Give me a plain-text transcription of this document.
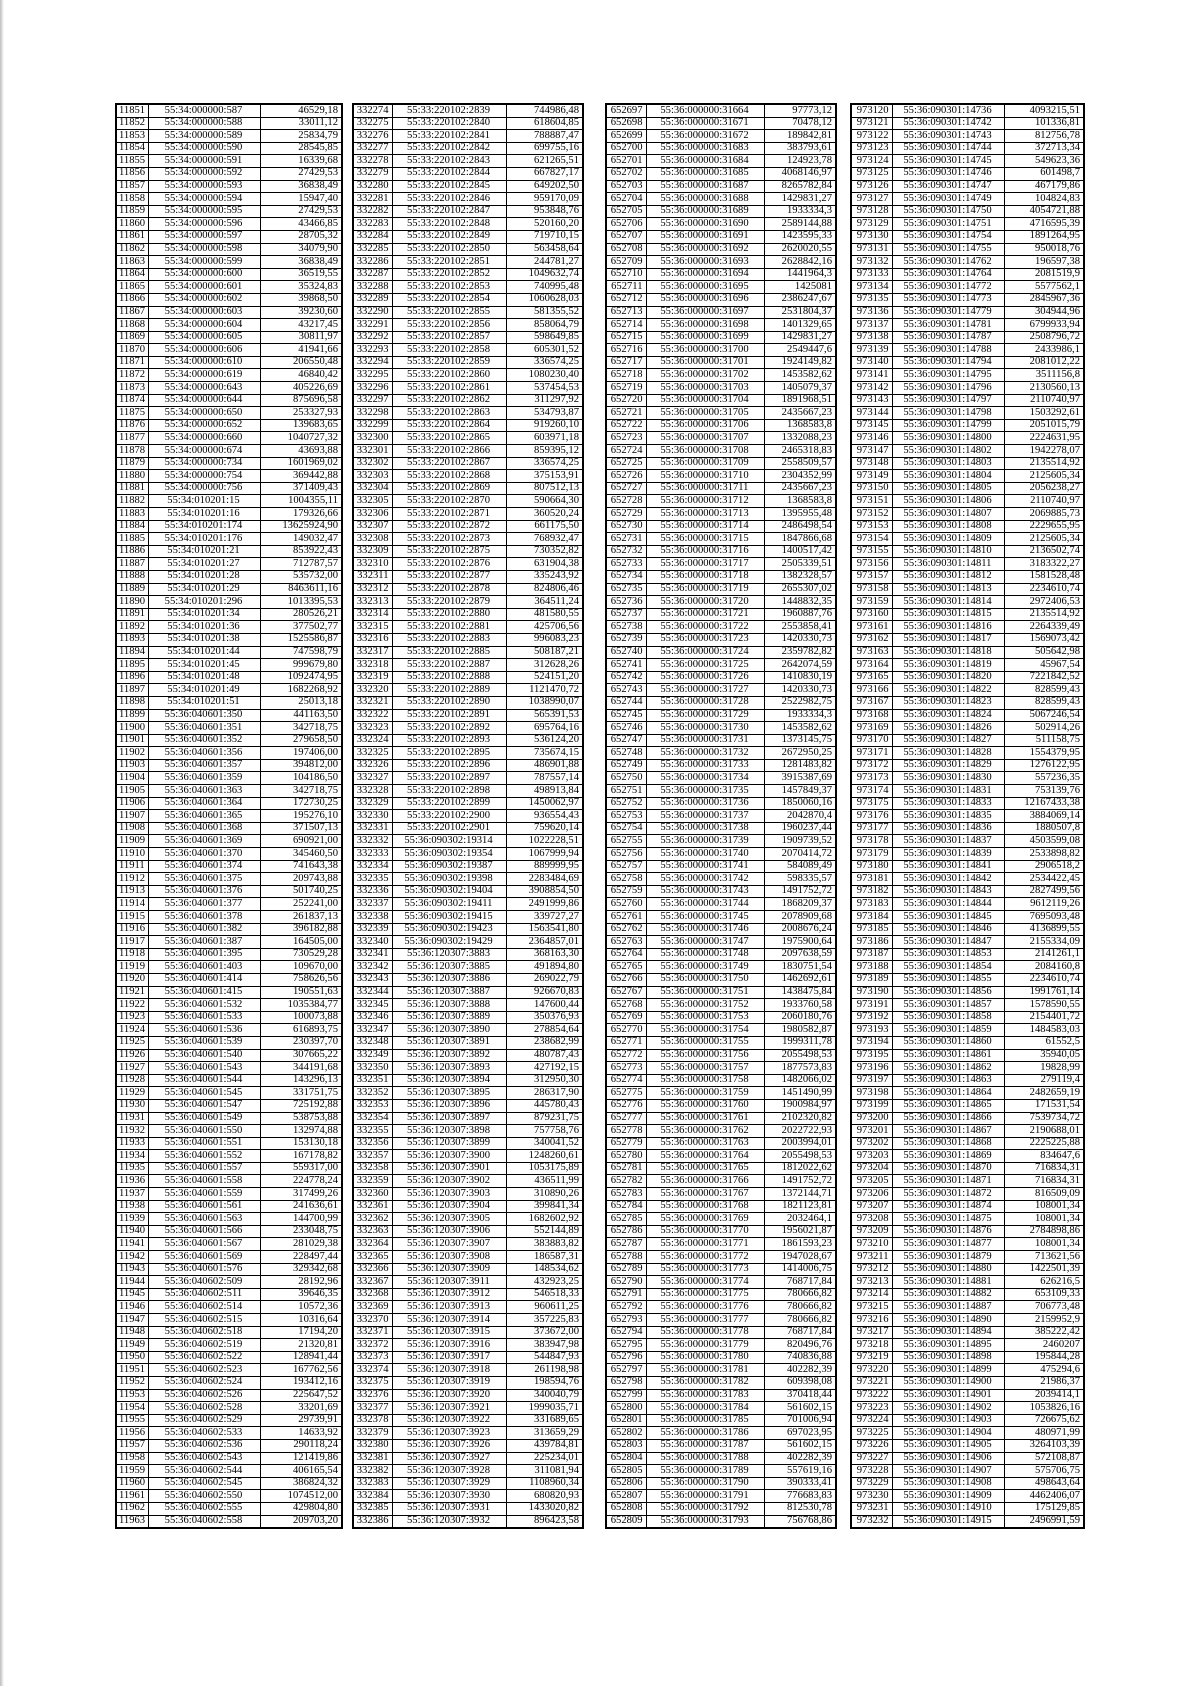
11851	55:34:000000:587	46529,18
11852	55:34:000000:588	33011,12
11853	55:34:000000:589	25834,79
11854	55:34:000000:590	28545,85
11855	55:34:000000:591	16339,68
11856	55:34:000000:592	27429,53
11857	55:34:000000:593	36838,49
11858	55:34:000000:594	15947,40
11859	55:34:000000:595	27429,53
11860	55:34:000000:596	43466,85
11861	55:34:000000:597	28705,32
11862	55:34:000000:598	34079,90
11863	55:34:000000:599	36838,49
11864	55:34:000000:600	36519,55
11865	55:34:000000:601	35324,83
11866	55:34:000000:602	39868,50
11867	55:34:000000:603	39230,60
11868	55:34:000000:604	43217,45
11869	55:34:000000:605	30811,97
11870	55:34:000000:606	41941,66
11871	55:34:000000:610	206550,48
11872	55:34:000000:619	46840,42
11873	55:34:000000:643	405226,69
11874	55:34:000000:644	875696,58
11875	55:34:000000:650	253327,93
11876	55:34:000000:652	139683,65
11877	55:34:000000:660	1040727,32
11878	55:34:000000:674	43693,88
11879	55:34:000000:734	1601969,02
11880	55:34:000000:754	369442,88
11881	55:34:000000:756	371409,43
11882	55:34:010201:15	1004355,11
11883	55:34:010201:16	179326,66
11884	55:34:010201:174	13625924,90
11885	55:34:010201:176	149032,47
11886	55:34:010201:21	853922,43
11887	55:34:010201:27	712787,57
11888	55:34:010201:28	535732,00
11889	55:34:010201:29	8463611,16
11890	55:34:010201:296	1013395,53
11891	55:34:010201:34	280526,21
11892	55:34:010201:36	377502,77
11893	55:34:010201:38	1525586,87
11894	55:34:010201:44	747598,79
11895	55:34:010201:45	999679,80
11896	55:34:010201:48	1092474,95
11897	55:34:010201:49	1682268,92
11898	55:34:010201:51	25013,18
11899	55:36:040601:350	441163,50
11900	55:36:040601:351	342718,75
11901	55:36:040601:352	279658,50
11902	55:36:040601:356	197406,00
11903	55:36:040601:357	394812,00
11904	55:36:040601:359	104186,50
11905	55:36:040601:363	342718,75
11906	55:36:040601:364	172730,25
11907	55:36:040601:365	195276,10
11908	55:36:040601:368	371507,13
11909	55:36:040601:369	690921,00
11910	55:36:040601:370	345460,50
11911	55:36:040601:374	741643,38
11912	55:36:040601:375	209743,88
11913	55:36:040601:376	501740,25
11914	55:36:040601:377	252241,00
11915	55:36:040601:378	261837,13
11916	55:36:040601:382	396182,88
11917	55:36:040601:387	164505,00
11918	55:36:040601:395	730529,28
11919	55:36:040601:403	109670,00
11920	55:36:040601:414	758626,56
11921	55:36:040601:415	190551,63
11922	55:36:040601:532	1035384,77
11923	55:36:040601:533	100073,88
11924	55:36:040601:536	616893,75
11925	55:36:040601:539	230397,70
11926	55:36:040601:540	307665,22
11927	55:36:040601:543	344191,68
11928	55:36:040601:544	143296,13
11929	55:36:040601:545	331751,75
11930	55:36:040601:547	725192,88
11931	55:36:040601:549	538753,88
11932	55:36:040601:550	132974,88
11933	55:36:040601:551	153130,18
11934	55:36:040601:552	167178,82
11935	55:36:040601:557	559317,00
11936	55:36:040601:558	224778,24
11937	55:36:040601:559	317499,26
11938	55:36:040601:561	241636,61
11939	55:36:040601:563	144700,99
11940	55:36:040601:566	233048,75
11941	55:36:040601:567	281029,38
11942	55:36:040601:569	228497,44
11943	55:36:040601:576	329342,68
11944	55:36:040602:509	28192,96
11945	55:36:040602:511	39646,35
11946	55:36:040602:514	10572,36
11947	55:36:040602:515	10316,64
11948	55:36:040602:518	17194,20
11949	55:36:040602:519	21320,81
11950	55:36:040602:522	128941,44
11951	55:36:040602:523	167762,56
11952	55:36:040602:524	193412,16
11953	55:36:040602:526	225647,52
11954	55:36:040602:528	33201,69
11955	55:36:040602:529	29739,91
11956	55:36:040602:533	14633,92
11957	55:36:040602:536	290118,24
11958	55:36:040602:543	121419,86
11959	55:36:040602:544	406165,54
11960	55:36:040602:545	386824,32
11961	55:36:040602:550	1074512,00
11962	55:36:040602:555	429804,80
11963	55:36:040602:558	209703,20
332274	55:33:220102:2839	744986,48
332275	55:33:220102:2840	618604,85
332276	55:33:220102:2841	788887,47
332277	55:33:220102:2842	699755,16
332278	55:33:220102:2843	621265,51
332279	55:33:220102:2844	667827,17
332280	55:33:220102:2845	649202,50
332281	55:33:220102:2846	959170,09
332282	55:33:220102:2847	953848,76
332283	55:33:220102:2848	520160,20
332284	55:33:220102:2849	719710,15
332285	55:33:220102:2850	563458,64
332286	55:33:220102:2851	244781,27
332287	55:33:220102:2852	1049632,74
332288	55:33:220102:2853	740995,48
332289	55:33:220102:2854	1060628,03
332290	55:33:220102:2855	581355,52
332291	55:33:220102:2856	858064,79
332292	55:33:220102:2857	598649,85
332293	55:33:220102:2858	605301,52
332294	55:33:220102:2859	336574,25
332295	55:33:220102:2860	1080230,40
332296	55:33:220102:2861	537454,53
332297	55:33:220102:2862	311297,92
332298	55:33:220102:2863	534793,87
332299	55:33:220102:2864	919260,10
332300	55:33:220102:2865	603971,18
332301	55:33:220102:2866	859395,12
332302	55:33:220102:2867	336574,25
332303	55:33:220102:2868	375153,91
332304	55:33:220102:2869	807512,13
332305	55:33:220102:2870	590664,30
332306	55:33:220102:2871	360520,24
332307	55:33:220102:2872	661175,50
332308	55:33:220102:2873	768932,47
332309	55:33:220102:2875	730352,82
332310	55:33:220102:2876	631904,38
332311	55:33:220102:2877	335243,92
332312	55:33:220102:2878	824806,46
332313	55:33:220102:2879	364511,24
332314	55:33:220102:2880	481580,55
332315	55:33:220102:2881	425706,56
332316	55:33:220102:2883	996083,23
332317	55:33:220102:2885	508187,21
332318	55:33:220102:2887	312628,26
332319	55:33:220102:2888	524151,20
332320	55:33:220102:2889	1121470,72
332321	55:33:220102:2890	1038990,07
332322	55:33:220102:2891	565391,53
332323	55:33:220102:2892	695764,16
332324	55:33:220102:2893	536124,20
332325	55:33:220102:2895	735674,15
332326	55:33:220102:2896	486901,88
332327	55:33:220102:2897	787557,14
332328	55:33:220102:2898	498913,84
332329	55:33:220102:2899	1450062,97
332330	55:33:220102:2900	936554,43
332331	55:33:220102:2901	759620,14
332332	55:36:090302:19314	1022228,51
332333	55:36:090302:19354	1067999,94
332334	55:36:090302:19387	889999,95
332335	55:36:090302:19398	2283484,69
332336	55:36:090302:19404	3908854,50
332337	55:36:090302:19411	2491999,86
332338	55:36:090302:19415	339727,27
332339	55:36:090302:19423	1563541,80
332340	55:36:090302:19429	2364857,01
332341	55:36:120307:3883	368163,30
332342	55:36:120307:3885	491894,80
332343	55:36:120307:3886	269022,79
332344	55:36:120307:3887	926670,83
332345	55:36:120307:3888	147600,44
332346	55:36:120307:3889	350376,93
332347	55:36:120307:3890	278854,64
332348	55:36:120307:3891	238682,99
332349	55:36:120307:3892	480787,43
332350	55:36:120307:3893	427192,15
332351	55:36:120307:3894	312950,30
332352	55:36:120307:3895	286317,90
332353	55:36:120307:3896	445780,43
332354	55:36:120307:3897	879231,75
332355	55:36:120307:3898	757758,76
332356	55:36:120307:3899	340041,52
332357	55:36:120307:3900	1248260,61
332358	55:36:120307:3901	1053175,89
332359	55:36:120307:3902	436511,99
332360	55:36:120307:3903	310890,26
332361	55:36:120307:3904	399841,34
332362	55:36:120307:3905	1682602,92
332363	55:36:120307:3906	552144,89
332364	55:36:120307:3907	383883,82
332365	55:36:120307:3908	186587,31
332366	55:36:120307:3909	148534,62
332367	55:36:120307:3911	432923,25
332368	55:36:120307:3912	546518,33
332369	55:36:120307:3913	960611,25
332370	55:36:120307:3914	357225,83
332371	55:36:120307:3915	373672,00
332372	55:36:120307:3916	383947,98
332373	55:36:120307:3917	544847,93
332374	55:36:120307:3918	261198,98
332375	55:36:120307:3919	198594,76
332376	55:36:120307:3920	340040,79
332377	55:36:120307:3921	1999035,71
332378	55:36:120307:3922	331689,65
332379	55:36:120307:3923	313659,29
332380	55:36:120307:3926	439784,81
332381	55:36:120307:3927	225234,01
332382	55:36:120307:3928	311081,94
332383	55:36:120307:3929	1108960,34
332384	55:36:120307:3930	680820,93
332385	55:36:120307:3931	1433020,82
332386	55:36:120307:3932	896423,58
652697	55:36:000000:31664	97773,12
652698	55:36:000000:31671	70478,12
652699	55:36:000000:31672	189842,81
652700	55:36:000000:31683	383793,61
652701	55:36:000000:31684	124923,78
652702	55:36:000000:31685	4068146,97
652703	55:36:000000:31687	8265782,84
652704	55:36:000000:31688	1429831,27
652705	55:36:000000:31689	1933334,3
652706	55:36:000000:31690	2589144,88
652707	55:36:000000:31691	1423595,33
652708	55:36:000000:31692	2620020,55
652709	55:36:000000:31693	2628842,16
652710	55:36:000000:31694	1441964,3
652711	55:36:000000:31695	1425081
652712	55:36:000000:31696	2386247,67
652713	55:36:000000:31697	2531804,37
652714	55:36:000000:31698	1401329,65
652715	55:36:000000:31699	1429831,27
652716	55:36:000000:31700	2549447,6
652717	55:36:000000:31701	1924149,82
652718	55:36:000000:31702	1453582,62
652719	55:36:000000:31703	1405079,37
652720	55:36:000000:31704	1891968,51
652721	55:36:000000:31705	2435667,23
652722	55:36:000000:31706	1368583,8
652723	55:36:000000:31707	1332088,23
652724	55:36:000000:31708	2465318,83
652725	55:36:000000:31709	2558509,57
652726	55:36:000000:31710	2304352,99
652727	55:36:000000:31711	2435667,23
652728	55:36:000000:31712	1368583,8
652729	55:36:000000:31713	1395955,48
652730	55:36:000000:31714	2486498,54
652731	55:36:000000:31715	1847866,68
652732	55:36:000000:31716	1400517,42
652733	55:36:000000:31717	2505339,51
652734	55:36:000000:31718	1382328,57
652735	55:36:000000:31719	2655307,02
652736	55:36:000000:31720	1448832,35
652737	55:36:000000:31721	1960887,76
652738	55:36:000000:31722	2553858,41
652739	55:36:000000:31723	1420330,73
652740	55:36:000000:31724	2359782,82
652741	55:36:000000:31725	2642074,59
652742	55:36:000000:31726	1410830,19
652743	55:36:000000:31727	1420330,73
652744	55:36:000000:31728	2522982,75
652745	55:36:000000:31729	1933334,3
652746	55:36:000000:31730	1453582,62
652747	55:36:000000:31731	1373145,75
652748	55:36:000000:31732	2672950,25
652749	55:36:000000:31733	1281483,82
652750	55:36:000000:31734	3915387,69
652751	55:36:000000:31735	1457849,37
652752	55:36:000000:31736	1850060,16
652753	55:36:000000:31737	2042870,4
652754	55:36:000000:31738	1960237,44
652755	55:36:000000:31739	1909739,52
652756	55:36:000000:31740	2070414,72
652757	55:36:000000:31741	584089,49
652758	55:36:000000:31742	598335,57
652759	55:36:000000:31743	1491752,72
652760	55:36:000000:31744	1868209,37
652761	55:36:000000:31745	2078909,68
652762	55:36:000000:31746	2008676,24
652763	55:36:000000:31747	1975900,64
652764	55:36:000000:31748	2097638,59
652765	55:36:000000:31749	1830751,54
652766	55:36:000000:31750	1462692,61
652767	55:36:000000:31751	1438475,84
652768	55:36:000000:31752	1933760,58
652769	55:36:000000:31753	2060180,76
652770	55:36:000000:31754	1980582,87
652771	55:36:000000:31755	1999311,78
652772	55:36:000000:31756	2055498,53
652773	55:36:000000:31757	1877573,83
652774	55:36:000000:31758	1482066,02
652775	55:36:000000:31759	1451490,99
652776	55:36:000000:31760	1900984,97
652777	55:36:000000:31761	2102320,82
652778	55:36:000000:31762	2022722,93
652779	55:36:000000:31763	2003994,01
652780	55:36:000000:31764	2055498,53
652781	55:36:000000:31765	1812022,62
652782	55:36:000000:31766	1491752,72
652783	55:36:000000:31767	1372144,71
652784	55:36:000000:31768	1821123,81
652785	55:36:000000:31769	2032464,1
652786	55:36:000000:31770	1956021,87
652787	55:36:000000:31771	1861593,23
652788	55:36:000000:31772	1947028,67
652789	55:36:000000:31773	1414006,75
652790	55:36:000000:31774	768717,84
652791	55:36:000000:31775	780666,82
652792	55:36:000000:31776	780666,82
652793	55:36:000000:31777	780666,82
652794	55:36:000000:31778	768717,84
652795	55:36:000000:31779	820496,76
652796	55:36:000000:31780	740836,88
652797	55:36:000000:31781	402282,39
652798	55:36:000000:31782	609398,08
652799	55:36:000000:31783	370418,44
652800	55:36:000000:31784	561602,15
652801	55:36:000000:31785	701006,94
652802	55:36:000000:31786	697023,95
652803	55:36:000000:31787	561602,15
652804	55:36:000000:31788	402282,39
652805	55:36:000000:31789	557619,16
652806	55:36:000000:31790	390333,41
652807	55:36:000000:31791	776683,83
652808	55:36:000000:31792	812530,78
652809	55:36:000000:31793	756768,86
973120	55:36:090301:14736	4093215,51
973121	55:36:090301:14742	101336,81
973122	55:36:090301:14743	812756,78
973123	55:36:090301:14744	372713,34
973124	55:36:090301:14745	549623,36
973125	55:36:090301:14746	601498,7
973126	55:36:090301:14747	467179,86
973127	55:36:090301:14749	104824,83
973128	55:36:090301:14750	4054721,88
973129	55:36:090301:14751	4716595,39
973130	55:36:090301:14754	1891264,95
973131	55:36:090301:14755	950018,76
973132	55:36:090301:14762	196597,38
973133	55:36:090301:14764	2081519,9
973134	55:36:090301:14772	5577562,1
973135	55:36:090301:14773	2845967,36
973136	55:36:090301:14779	304944,96
973137	55:36:090301:14781	6799933,94
973138	55:36:090301:14787	2508796,72
973139	55:36:090301:14788	2433986,1
973140	55:36:090301:14794	2081012,22
973141	55:36:090301:14795	3511156,8
973142	55:36:090301:14796	2130560,13
973143	55:36:090301:14797	2110740,97
973144	55:36:090301:14798	1503292,61
973145	55:36:090301:14799	2051015,79
973146	55:36:090301:14800	2224631,95
973147	55:36:090301:14802	1942278,07
973148	55:36:090301:14803	2135514,92
973149	55:36:090301:14804	2125605,34
973150	55:36:090301:14805	2056238,27
973151	55:36:090301:14806	2110740,97
973152	55:36:090301:14807	2069885,73
973153	55:36:090301:14808	2229655,95
973154	55:36:090301:14809	2125605,34
973155	55:36:090301:14810	2136502,74
973156	55:36:090301:14811	3183322,27
973157	55:36:090301:14812	1581528,48
973158	55:36:090301:14813	2234610,74
973159	55:36:090301:14814	2972406,53
973160	55:36:090301:14815	2135514,92
973161	55:36:090301:14816	2264339,49
973162	55:36:090301:14817	1569073,42
973163	55:36:090301:14818	505642,98
973164	55:36:090301:14819	45967,54
973165	55:36:090301:14820	7221842,52
973166	55:36:090301:14822	828599,43
973167	55:36:090301:14823	828599,43
973168	55:36:090301:14824	5067246,54
973169	55:36:090301:14826	502914,26
973170	55:36:090301:14827	511158,75
973171	55:36:090301:14828	1554379,95
973172	55:36:090301:14829	1276122,95
973173	55:36:090301:14830	557236,35
973174	55:36:090301:14831	753139,76
973175	55:36:090301:14833	12167433,38
973176	55:36:090301:14835	3884069,14
973177	55:36:090301:14836	1880507,8
973178	55:36:090301:14837	4503599,08
973179	55:36:090301:14839	2533898,82
973180	55:36:090301:14841	2906518,2
973181	55:36:090301:14842	2534422,45
973182	55:36:090301:14843	2827499,56
973183	55:36:090301:14844	9612119,26
973184	55:36:090301:14845	7695093,48
973185	55:36:090301:14846	4136899,55
973186	55:36:090301:14847	2155334,09
973187	55:36:090301:14853	2141261,1
973188	55:36:090301:14854	2084160,8
973189	55:36:090301:14855	2234610,74
973190	55:36:090301:14856	1991761,14
973191	55:36:090301:14857	1578590,55
973192	55:36:090301:14858	2154401,72
973193	55:36:090301:14859	1484583,03
973194	55:36:090301:14860	61552,5
973195	55:36:090301:14861	35940,05
973196	55:36:090301:14862	19828,99
973197	55:36:090301:14863	279119,4
973198	55:36:090301:14864	2482659,19
973199	55:36:090301:14865	171531,54
973200	55:36:090301:14866	7539734,72
973201	55:36:090301:14867	2190688,01
973202	55:36:090301:14868	2225225,88
973203	55:36:090301:14869	834647,6
973204	55:36:090301:14870	716834,31
973205	55:36:090301:14871	716834,31
973206	55:36:090301:14872	816509,09
973207	55:36:090301:14874	108001,34
973208	55:36:090301:14875	108001,34
973209	55:36:090301:14876	2784898,86
973210	55:36:090301:14877	108001,34
973211	55:36:090301:14879	713621,56
973212	55:36:090301:14880	1422501,39
973213	55:36:090301:14881	626216,5
973214	55:36:090301:14882	653109,33
973215	55:36:090301:14887	706773,48
973216	55:36:090301:14890	2159952,9
973217	55:36:090301:14894	385222,42
973218	55:36:090301:14895	2460207
973219	55:36:090301:14898	195844,28
973220	55:36:090301:14899	475294,6
973221	55:36:090301:14900	21986,37
973222	55:36:090301:14901	2039414,1
973223	55:36:090301:14902	1053826,16
973224	55:36:090301:14903	726675,62
973225	55:36:090301:14904	480971,99
973226	55:36:090301:14905	3264103,39
973227	55:36:090301:14906	572108,87
973228	55:36:090301:14907	575706,75
973229	55:36:090301:14908	498643,64
973230	55:36:090301:14909	4462406,07
973231	55:36:090301:14910	175129,85
973232	55:36:090301:14915	2496991,59
